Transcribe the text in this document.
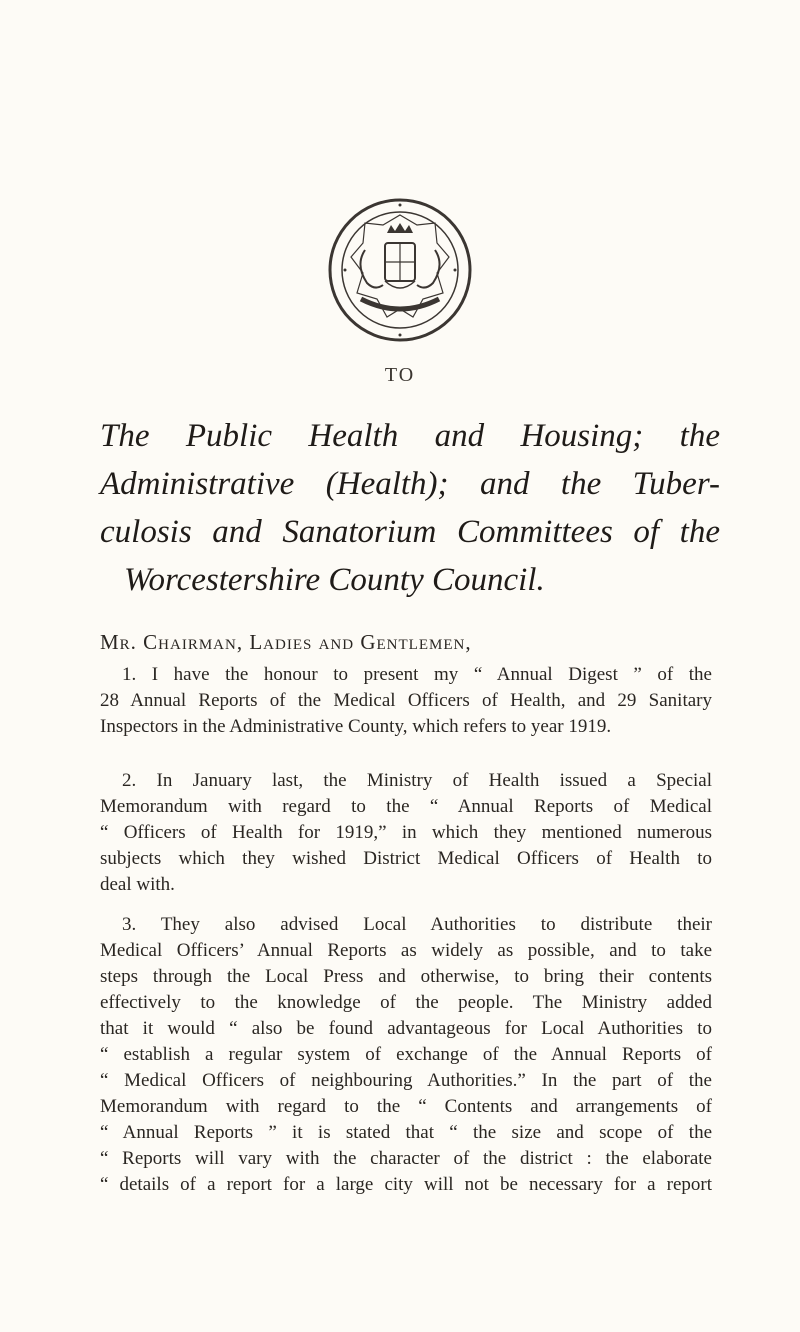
TO
The Public Health and Housing; the
Administrative (Health); and the Tuber-
culosis and Sanatorium Committees of the
Worcestershire County Council.
Mr. Chairman, Ladies and Gentlemen,
1. I have the honour to present my “ Annual Digest ” of the
28 Annual Reports of the Medical Officers of Health, and 29 Sanitary
Inspectors in the Administrative County, which refers to year 1919.
2. In January last, the Ministry of Health issued a Special
Memorandum with regard to the “ Annual Reports of Medical
“ Officers of Health for 1919,” in which they mentioned numerous
subjects which they wished District Medical Officers of Health to
deal with.
3. They also advised Local Authorities to distribute their
Medical Officers’ Annual Reports as widely as possible, and to take
steps through the Local Press and otherwise, to bring their contents
effectively to the knowledge of the people. The Ministry added
that it would “ also be found advantageous for Local Authorities to
“ establish a regular system of exchange of the Annual Reports of
“ Medical Officers of neighbouring Authorities.” In the part of the
Memorandum with regard to the “ Contents and arrangements of
“ Annual Reports ” it is stated that “ the size and scope of the
“ Reports will vary with the character of the district : the elaborate
“ details of a report for a large city will not be necessary for a report
